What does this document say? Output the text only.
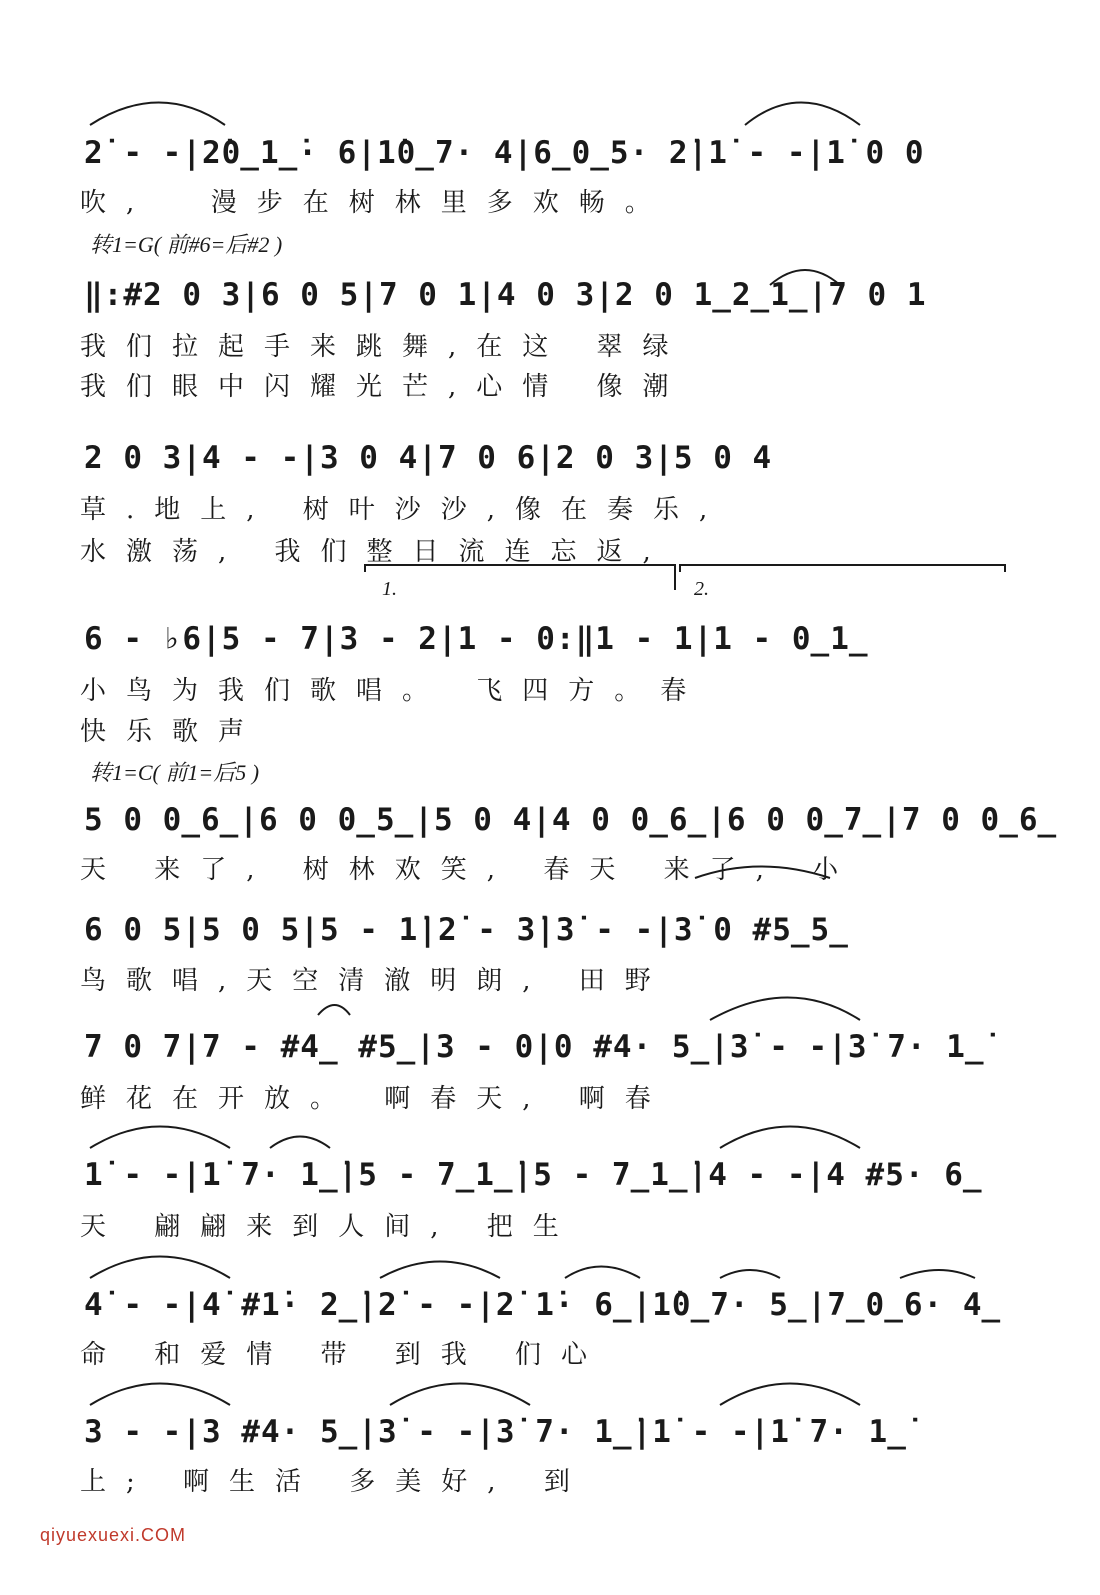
2̇ - -|2̇0̲1̲̇· 6|1̇0̲7· 4|6̲0̲5· 2̇|1̇ - -|1̇ 0 0
吹,  漫步在树林里多欢畅。
转1=G( 前#6=后#2 )
‖:#2 0 3|6 0 5|7 0 1|4 0 3|2 0 1̲2̲1̲|7 0 1
我们拉起手来跳舞,在这 翠绿
我们眼中闪耀光芒,心情 像潮
2 0 3|4 - -|3 0 4|7 0 6|2 0 3|5 0 4
草.地上, 树叶沙沙,像在奏乐,
水激荡, 我们整日流连忘返,
1.	2.
6 - ♭6|5 - 7|3 - 2|1 - 0:‖1 - 1|1 - 0̲1̲
小鸟为我们歌唱。 飞四方。春
快乐歌声
转1=C( 前1=后5 )
5 0 0̲6̲|6 0 0̲5̲|5 0 4|4 0 0̲6̲|6 0 0̲7̲|7 0 0̲6̲
天 来了, 树林欢笑, 春天 来了, 小
6 0 5|5 0 5|5 - 1̇|2̇ - 3̇|3̇ - -|3̇ 0 #5̲5̲
鸟歌唱,天空清澈明朗, 田野
7 0 7|7 - #4̲ #5̲|3 - 0|0 #4· 5̲|3̇ - -|3̇ 7· 1̲̇
鲜花在开放。 啊春天, 啊春
1̇ - -|1̇ 7· 1̲̇|5 - 7̲1̲̇|5 - 7̲1̲̇|4 - -|4 #5· 6̲
天 翩翩来到人间, 把生
4̇ - -|4̇ #1̇· 2̲̇|2̇ - -|2̇ 1̇· 6̲|1̇0̲7· 5̲|7̲0̲6· 4̲
命 和爱情 带 到我 们心
3 - -|3 #4· 5̲|3̇ - -|3̇ 7· 1̲̇|1̇ - -|1̇ 7· 1̲̇
上; 啊生活 多美好, 到
qiyuexuexi.COM
